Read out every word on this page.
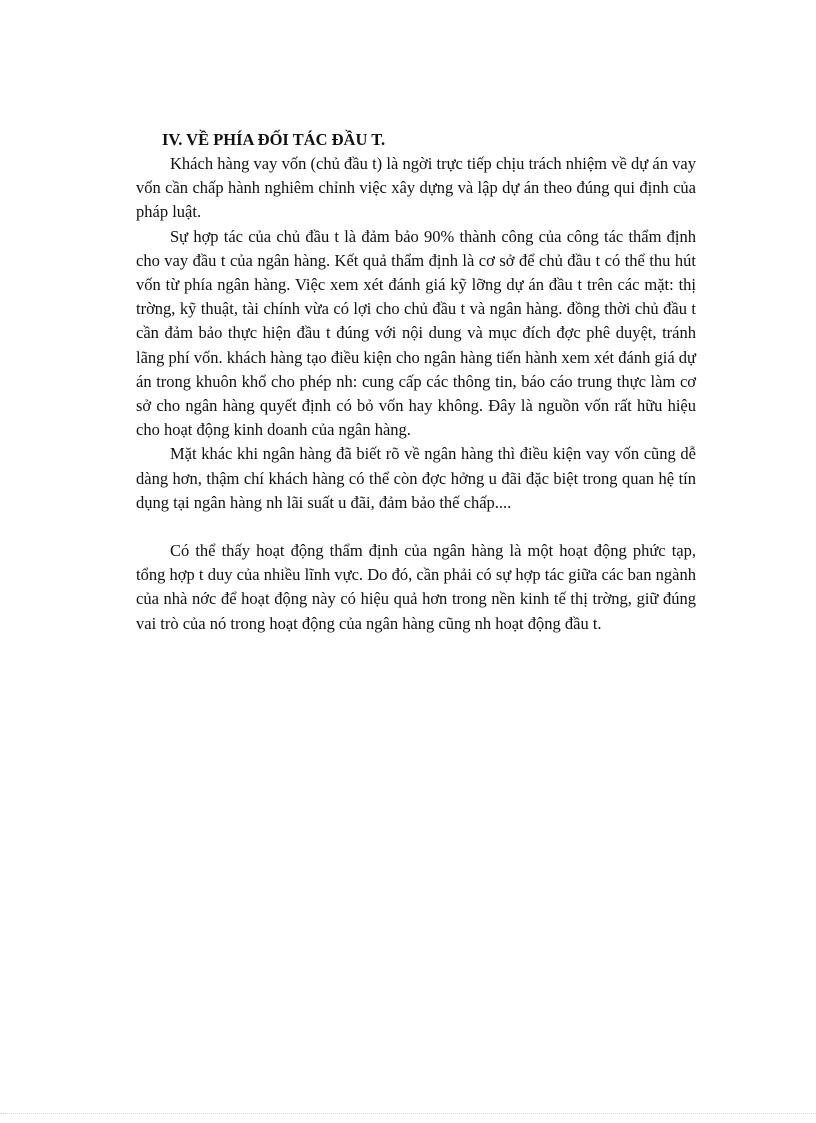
IV. VỀ PHÍA ĐỐI TÁC ĐẦU T.

Khách hàng vay vốn (chủ đầu t) là ngời trực tiếp chịu trách nhiệm về dự án vay vốn cần chấp hành nghiêm chỉnh việc xây dựng và lập dự án theo đúng qui định của pháp luật.

Sự hợp tác của chủ đầu t là đảm bảo 90% thành công của công tác thẩm định cho vay đầu t của ngân hàng. Kết quả thẩm định là cơ sở để chủ đầu t có thể thu hút vốn từ phía ngân hàng. Việc xem xét đánh giá kỹ lỡng dự án đầu t trên các mặt: thị trờng, kỹ thuật, tài chính vừa có lợi cho chủ đầu t và ngân hàng. đồng thời chủ đầu t cần đảm bảo thực hiện đầu t đúng với nội dung và mục đích đợc phê duyệt, tránh lãng phí vốn. khách hàng tạo điều kiện cho ngân hàng tiến hành xem xét đánh giá dự án trong khuôn khổ cho phép nh: cung cấp các thông tin, báo cáo trung thực làm cơ sở cho ngân hàng quyết định có bỏ vốn hay không. Đây là nguồn vốn rất hữu hiệu cho hoạt động kinh doanh của ngân hàng.

Mặt khác khi ngân hàng đã biết rõ về ngân hàng thì điều kiện vay vốn cũng dễ dàng hơn, thậm chí khách hàng có thể còn đợc hởng u đãi đặc biệt trong quan hệ tín dụng tại ngân hàng nh lãi suất u đãi, đảm bảo thế chấp....

Có thể thấy hoạt động thẩm định của ngân hàng là một hoạt động phức tạp, tổng hợp t duy của nhiều lĩnh vực. Do đó, cần phải có sự hợp tác giữa các ban ngành của nhà nớc để hoạt động này có hiệu quả hơn trong nền kinh tế thị trờng, giữ đúng vai trò của nó trong hoạt động của ngân hàng cũng nh hoạt động đầu t.
